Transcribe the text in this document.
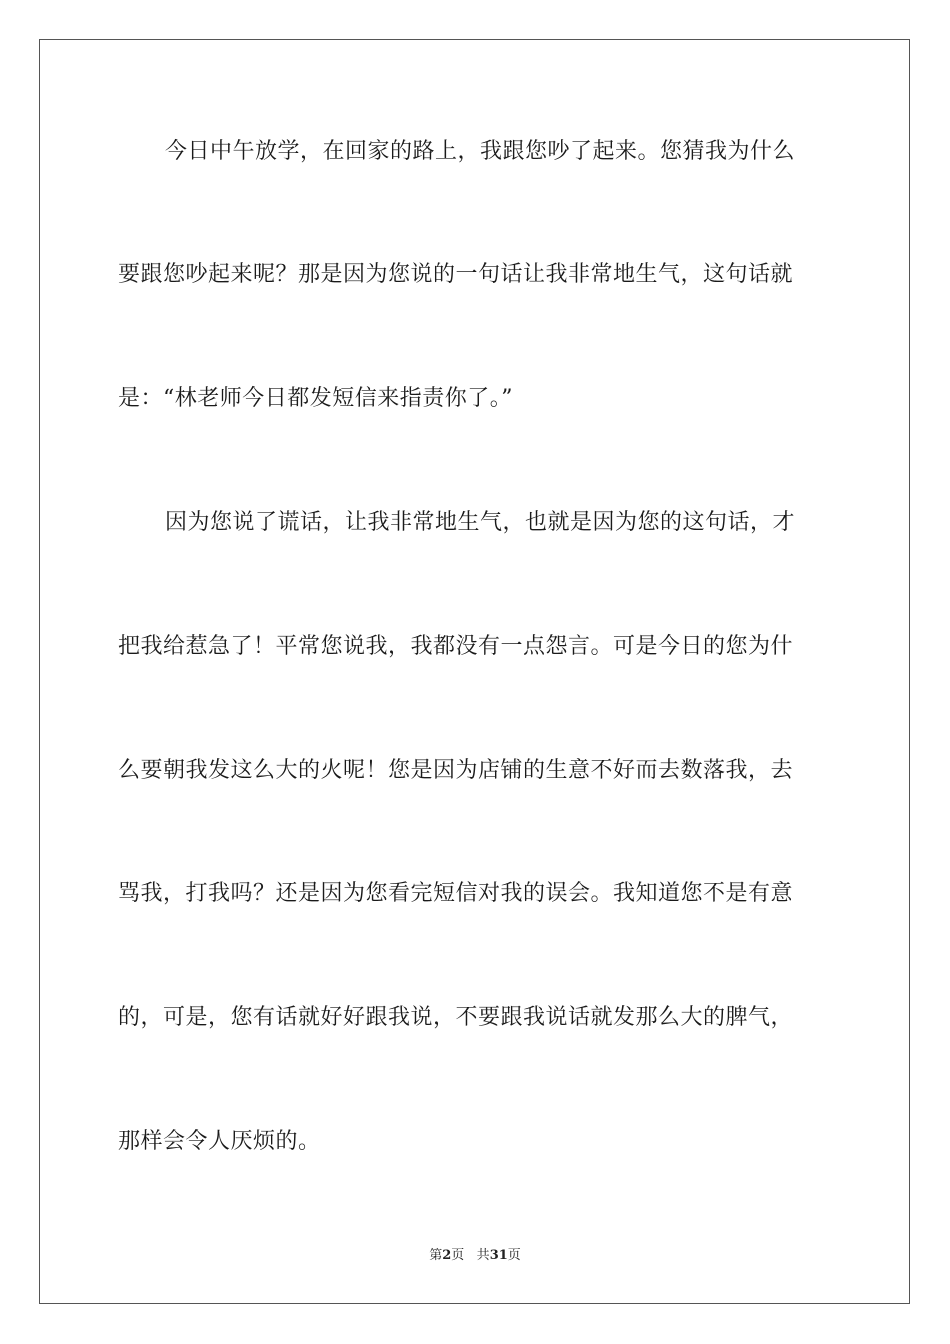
今日中午放学，在回家的路上，我跟您吵了起来。您猜我为什么
要跟您吵起来呢？那是因为您说的一句话让我非常地生气，这句话就
是：“林老师今日都发短信来指责你了。”
因为您说了谎话，让我非常地生气，也就是因为您的这句话，才
把我给惹急了！平常您说我，我都没有一点怨言。可是今日的您为什
么要朝我发这么大的火呢！您是因为店铺的生意不好而去数落我，去
骂我，打我吗？还是因为您看完短信对我的误会。我知道您不是有意
的，可是，您有话就好好跟我说，不要跟我说话就发那么大的脾气，
那样会令人厌烦的。
第2页 共31页
